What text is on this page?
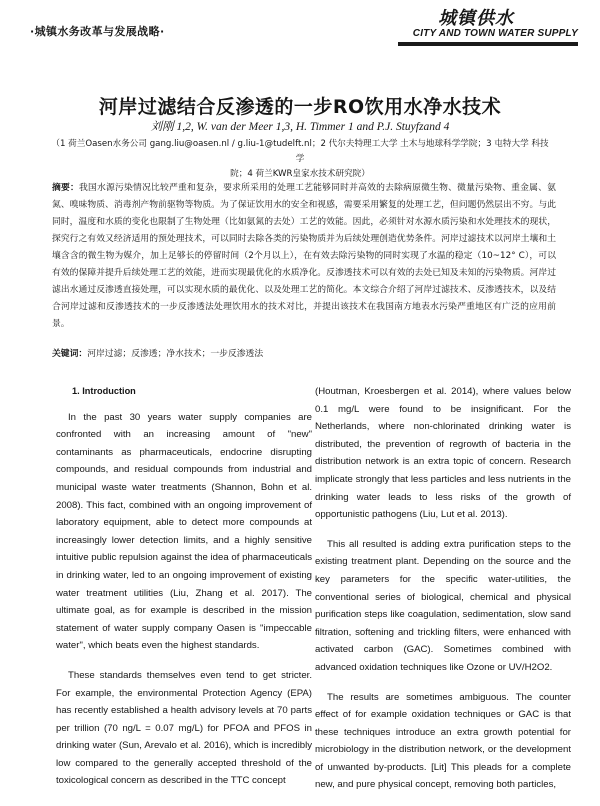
·城镇水务改革与发展战略·
城镇供水
CITY AND TOWN WATER SUPPLY
河岸过滤结合反渗透的一步RO饮用水净水技术
刘刚 1,2, W. van der Meer 1,3, H. Timmer 1 and P.J. Stuyfzand 4
（1 荷兰Oasen水务公司 gang.liu@oasen.nl / g.liu-1@tudelft.nl；2 代尔夫特理工大学 土木与地球科学学院；3 屯特大学 科技学
院；4 荷兰KWR皇家水技术研究院）
摘要：我国水源污染情况比较严重和复杂，要求所采用的处理工艺能够同时并高效的去除病原微生物、微量污染物、重金属、氨氮、嗅味物质、消毒剂产物前驱物等物质。为了保证饮用水的安全和视感，需要采用繁复的处理工艺，但问题仍然层出不穷。与此同时，温度和水质的变化也限制了生物处理（比如氨氮的去处）工艺的效能。因此，必须针对水源水质污染和水处理技术的现状，探究行之有效又经济适用的预处理技术，可以同时去除各类的污染物质并为后续处理创造优势条件。河岸过滤技术以河岸土壤和土壤含含的微生物为媒介，加上足够长的停留时间（2个月以上），在有效去除污染物的同时实现了水温的稳定（10~12° C），可以有效的保障并提升后续处理工艺的效能，进而实现最优化的水质净化。反渗透技术可以有效的去处已知及未知的污染物质。河岸过滤出水通过反渗透直接处理，可以实现水质的最优化、以及处理工艺的简化。本文综合介绍了河岸过滤技术、反渗透技术，以及结合河岸过滤和反渗透技术的一步反渗透法处理饮用水的技术对比，并提出该技术在我国南方地表水污染严重地区有广泛的应用前景。
关键词：河岸过滤；反渗透；净水技术；一步反渗透法
1. Introduction

In the past 30 years water supply companies are confronted with an increasing amount of "new" contaminants as pharmaceuticals, endocrine disrupting compounds, and residual compounds from industrial and municipal waste water treatments (Shannon, Bohn et al. 2008). This fact, combined with an ongoing improvement of laboratory equipment, able to detect more compounds at increasingly lower detection limits, and a highly sensitive intuitive public repulsion against the idea of pharmaceuticals in drinking water, led to an ongoing improvement of existing water treatment utilities (Liu, Zhang et al. 2017). The ultimate goal, as for example is described in the mission statement of water supply company Oasen is "impeccable water", which beats even the highest standards.

These standards themselves even tend to get stricter. For example, the environmental Protection Agency (EPA) has recently established a health advisory levels at 70 parts per trillion (70 ng/L = 0.07 mg/L) for PFOA and PFOS in drinking water (Sun, Arevalo et al. 2016), which is incredibly low compared to the generally accepted threshold of the toxicological concern as described in the TTC concept

(Houtman, Kroesbergen et al. 2014), where values below 0.1 mg/L were found to be insignificant. For the Netherlands, where non-chlorinated drinking water is distributed, the prevention of regrowth of bacteria in the distribution network is an extra topic of concern. Research implicate strongly that less particles and less nutrients in the drinking water leads to less risks of the growth of opportunistic pathogens (Liu, Lut et al. 2013).

This all resulted is adding extra purification steps to the existing treatment plant. Depending on the source and the key parameters for the specific water-utilities, the conventional series of biological, chemical and physical purification steps like coagulation, sedimentation, slow sand filtration, softening and trickling filters, were enhanced with activated carbon (GAC). Sometimes combined with advanced oxidation techniques like Ozone or UV/H2O2.

The results are sometimes ambiguous. The counter effect of for example oxidation techniques or GAC is that these techniques introduce an extra growth potential for microbiology in the distribution network, or the development of unwanted by-products. [Lit] This pleads for a complete new, and pure physical concept, removing both particles,
